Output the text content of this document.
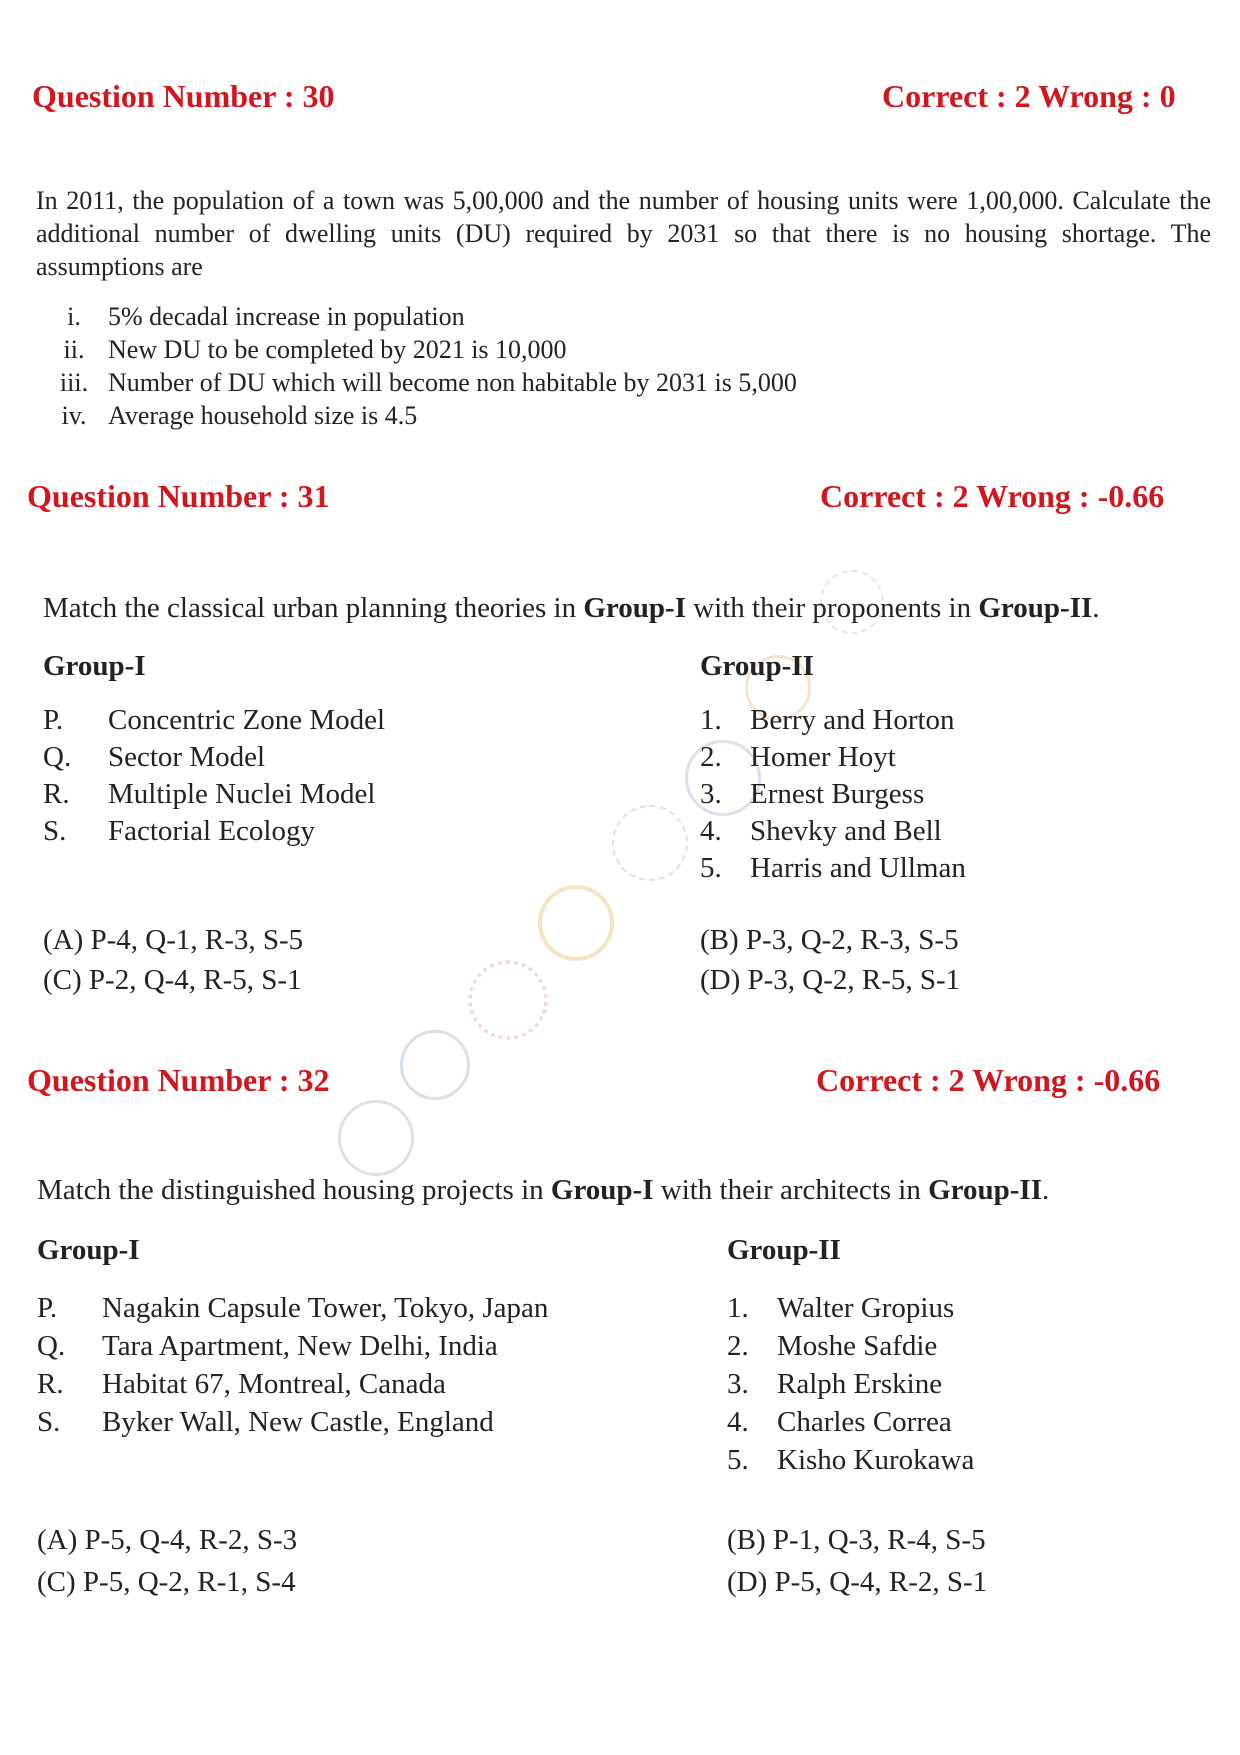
Question Number : 30	Correct : 2 Wrong : 0
In 2011, the population of a town was 5,00,000 and the number of housing units were 1,00,000. Calculate the additional number of dwelling units (DU) required by 2031 so that there is no housing shortage. The assumptions are
i. 5% decadal increase in population
ii. New DU to be completed by 2021 is 10,000
iii. Number of DU which will become non habitable by 2031 is 5,000
iv. Average household size is 4.5
Question Number : 31	Correct : 2 Wrong : -0.66
Match the classical urban planning theories in Group-I with their proponents in Group-II.
Group-I	Group-II
P. Concentric Zone Model
Q. Sector Model
R. Multiple Nuclei Model
S. Factorial Ecology
1. Berry and Horton
2. Homer Hoyt
3. Ernest Burgess
4. Shevky and Bell
5. Harris and Ullman
(A) P-4, Q-1, R-3, S-5	(B) P-3, Q-2, R-3, S-5
(C) P-2, Q-4, R-5, S-1	(D) P-3, Q-2, R-5, S-1
Question Number : 32	Correct : 2 Wrong : -0.66
Match the distinguished housing projects in Group-I with their architects in Group-II.
Group-I	Group-II
P. Nagakin Capsule Tower, Tokyo, Japan
Q. Tara Apartment, New Delhi, India
R. Habitat 67, Montreal, Canada
S. Byker Wall, New Castle, England
1. Walter Gropius
2. Moshe Safdie
3. Ralph Erskine
4. Charles Correa
5. Kisho Kurokawa
(A) P-5, Q-4, R-2, S-3	(B) P-1, Q-3, R-4, S-5
(C) P-5, Q-2, R-1, S-4	(D) P-5, Q-4, R-2, S-1
